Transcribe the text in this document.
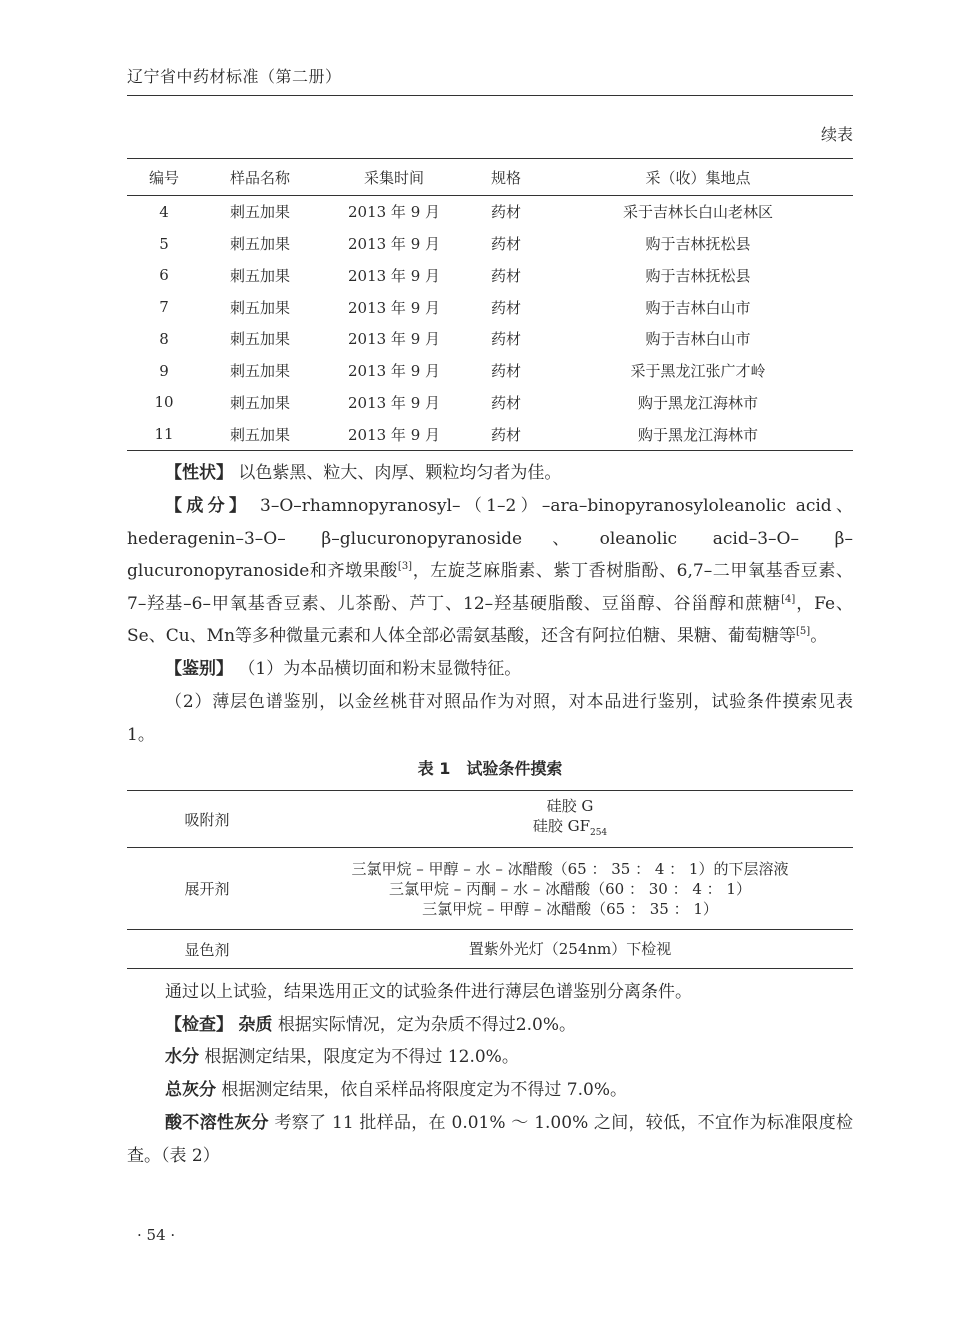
辽宁省中药材标准（第二册）
续表
编号	样品名称	采集时间	规格	采（收）集地点
4	刺五加果	2013 年 9 月	药材	采于吉林长白山老林区
5	刺五加果	2013 年 9 月	药材	购于吉林抚松县
6	刺五加果	2013 年 9 月	药材	购于吉林抚松县
7	刺五加果	2013 年 9 月	药材	购于吉林白山市
8	刺五加果	2013 年 9 月	药材	购于吉林白山市
9	刺五加果	2013 年 9 月	药材	采于黑龙江张广才岭
10	刺五加果	2013 年 9 月	药材	购于黑龙江海林市
11	刺五加果	2013 年 9 月	药材	购于黑龙江海林市
【性状】 以色紫黑、粒大、肉厚、颗粒均匀者为佳。
【成分】 3–O–rhamnopyranosyl–（1–2）–ara–binopyranosyloleanolic acid、hederagenin–3–O– β–glucuronopyranoside、oleanolic acid–3–O– β–glucuronopyranoside和齐墩果酸[3]，左旋芝麻脂素、紫丁香树脂酚、6,7–二甲氧基香豆素、7–羟基–6–甲氧基香豆素、儿茶酚、芦丁、12–羟基硬脂酸、豆甾醇、谷甾醇和蔗糖[4]，Fe、Se、Cu、Mn等多种微量元素和人体全部必需氨基酸，还含有阿拉伯糖、果糖、葡萄糖等[5]。
【鉴别】 （1）为本品横切面和粉末显微特征。
（2）薄层色谱鉴别，以金丝桃苷对照品作为对照，对本品进行鉴别，试验条件摸索见表 1。
表 1　试验条件摸索
吸附剂	硅胶 G
硅胶 $GF_{254}$

展开剂	三氯甲烷 – 甲醇 – 水 – 冰醋酸（65 ： 35 ： 4 ： 1）的下层溶液
三氯甲烷 – 丙酮 – 水 – 冰醋酸（60 ： 30 ： 4 ： 1）
三氯甲烷 – 甲醇 – 冰醋酸（65 ： 35 ： 1）

显色剂	置紫外光灯（254nm）下检视
通过以上试验，结果选用正文的试验条件进行薄层色谱鉴别分离条件。
【检查】 杂质 根据实际情况，定为杂质不得过2.0%。
水分 根据测定结果，限度定为不得过 12.0%。
总灰分 根据测定结果，依自采样品将限度定为不得过 7.0%。
酸不溶性灰分 考察了 11 批样品，在 0.01% ～ 1.00% 之间，较低，不宜作为标准限度检查。（表 2）
· 54 ·
